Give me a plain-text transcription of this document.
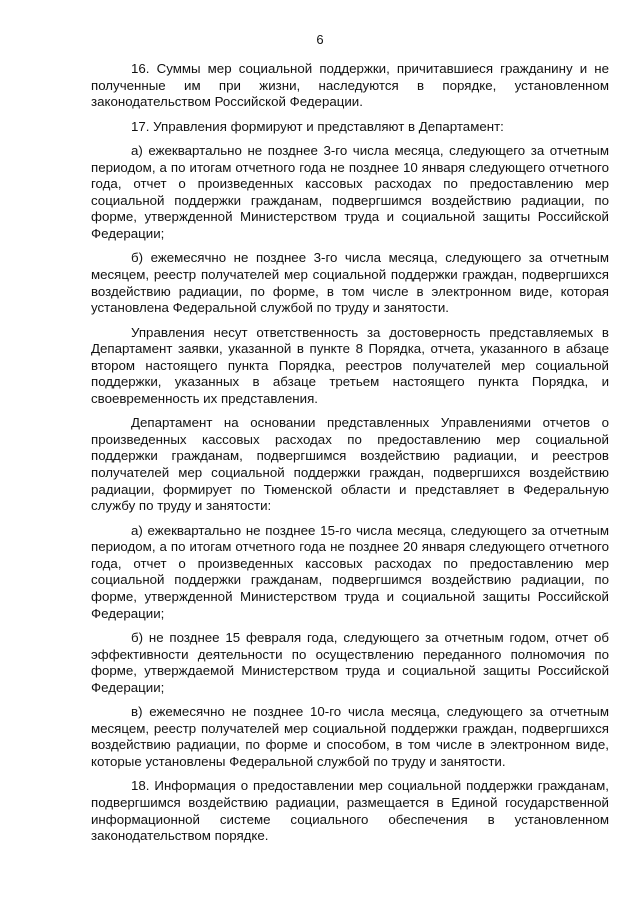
6

16. Суммы мер социальной поддержки, причитавшиеся гражданину и не полученные им при жизни, наследуются в порядке, установленном законодательством Российской Федерации.

17. Управления формируют и представляют в Департамент:

а) ежеквартально не позднее 3-го числа месяца, следующего за отчетным периодом, а по итогам отчетного года не позднее 10 января следующего отчетного года, отчет о произведенных кассовых расходах по предоставлению мер социальной поддержки гражданам, подвергшимся воздействию радиации, по форме, утвержденной Министерством труда и социальной защиты Российской Федерации;

б) ежемесячно не позднее 3-го числа месяца, следующего за отчетным месяцем, реестр получателей мер социальной поддержки граждан, подвергшихся воздействию радиации, по форме, в том числе в электронном виде, которая установлена Федеральной службой по труду и занятости.

Управления несут ответственность за достоверность представляемых в Департамент заявки, указанной в пункте 8 Порядка, отчета, указанного в абзаце втором настоящего пункта Порядка, реестров получателей мер социальной поддержки, указанных в абзаце третьем настоящего пункта Порядка, и своевременность их представления.

Департамент на основании представленных Управлениями отчетов о произведенных кассовых расходах по предоставлению мер социальной поддержки гражданам, подвергшимся воздействию радиации, и реестров получателей мер социальной поддержки граждан, подвергшихся воздействию радиации, формирует по Тюменской области и представляет в Федеральную службу по труду и занятости:

а) ежеквартально не позднее 15-го числа месяца, следующего за отчетным периодом, а по итогам отчетного года не позднее 20 января следующего отчетного года, отчет о произведенных кассовых расходах по предоставлению мер социальной поддержки гражданам, подвергшимся воздействию радиации, по форме, утвержденной Министерством труда и социальной защиты Российской Федерации;

б) не позднее 15 февраля года, следующего за отчетным годом, отчет об эффективности деятельности по осуществлению переданного полномочия по форме, утверждаемой Министерством труда и социальной защиты Российской Федерации;

в) ежемесячно не позднее 10-го числа месяца, следующего за отчетным месяцем, реестр получателей мер социальной поддержки граждан, подвергшихся воздействию радиации, по форме и способом, в том числе в электронном виде, которые установлены Федеральной службой по труду и занятости.

18. Информация о предоставлении мер социальной поддержки гражданам, подвергшимся воздействию радиации, размещается в Единой государственной информационной системе социального обеспечения в установленном законодательством порядке.
